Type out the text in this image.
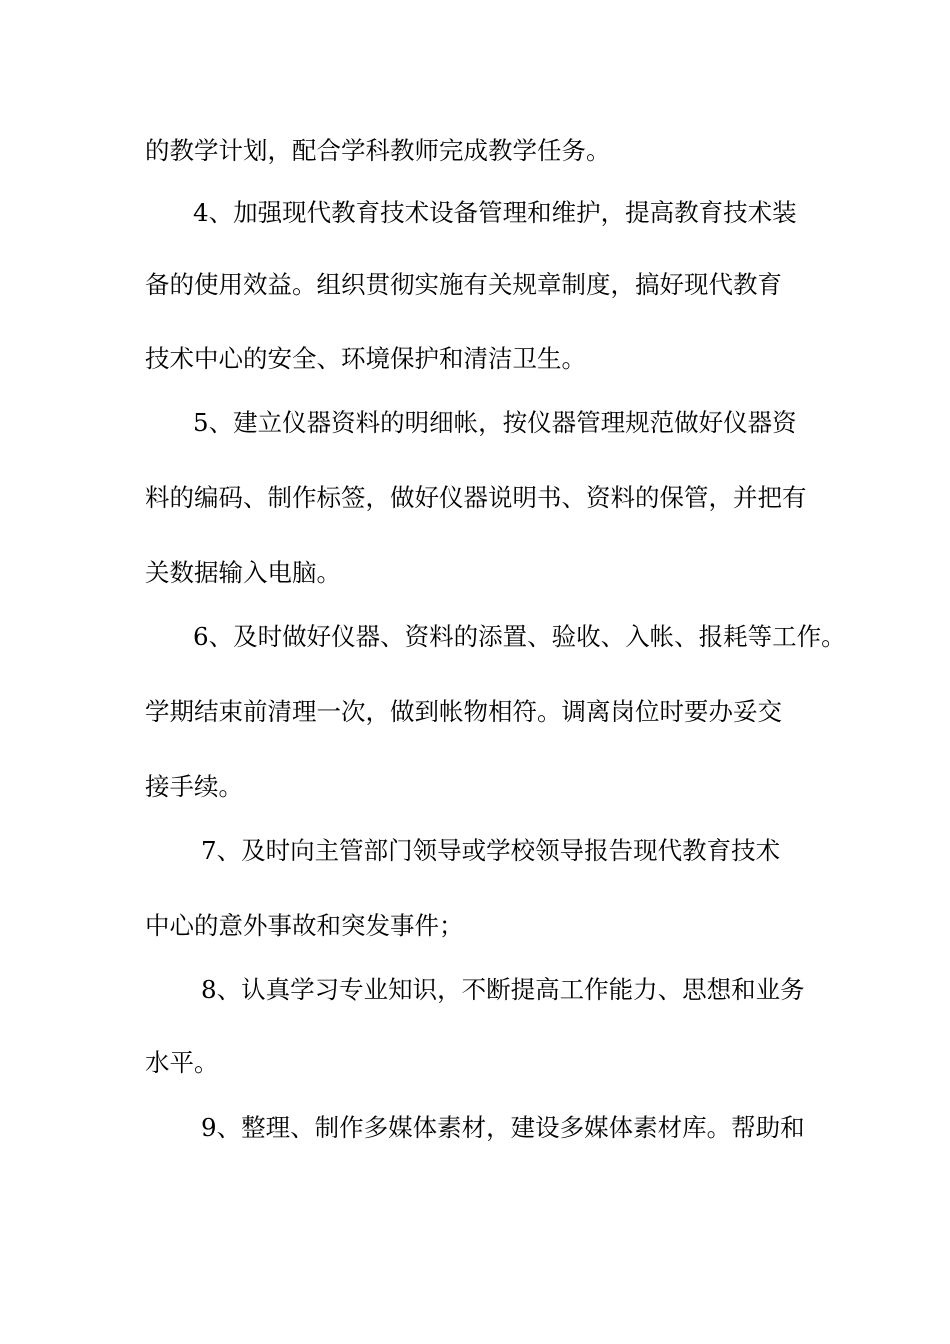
的教学计划，配合学科教师完成教学任务。
4、加强现代教育技术设备管理和维护，提高教育技术装
备的使用效益。组织贯彻实施有关规章制度，搞好现代教育
技术中心的安全、环境保护和清洁卫生。
5、建立仪器资料的明细帐，按仪器管理规范做好仪器资
料的编码、制作标签，做好仪器说明书、资料的保管，并把有
关数据输入电脑。
6、及时做好仪器、资料的添置、验收、入帐、报耗等工作。
学期结束前清理一次，做到帐物相符。调离岗位时要办妥交
接手续。
7、及时向主管部门领导或学校领导报告现代教育技术
中心的意外事故和突发事件；
8、认真学习专业知识，不断提高工作能力、思想和业务
水平。
9、整理、制作多媒体素材，建设多媒体素材库。帮助和
